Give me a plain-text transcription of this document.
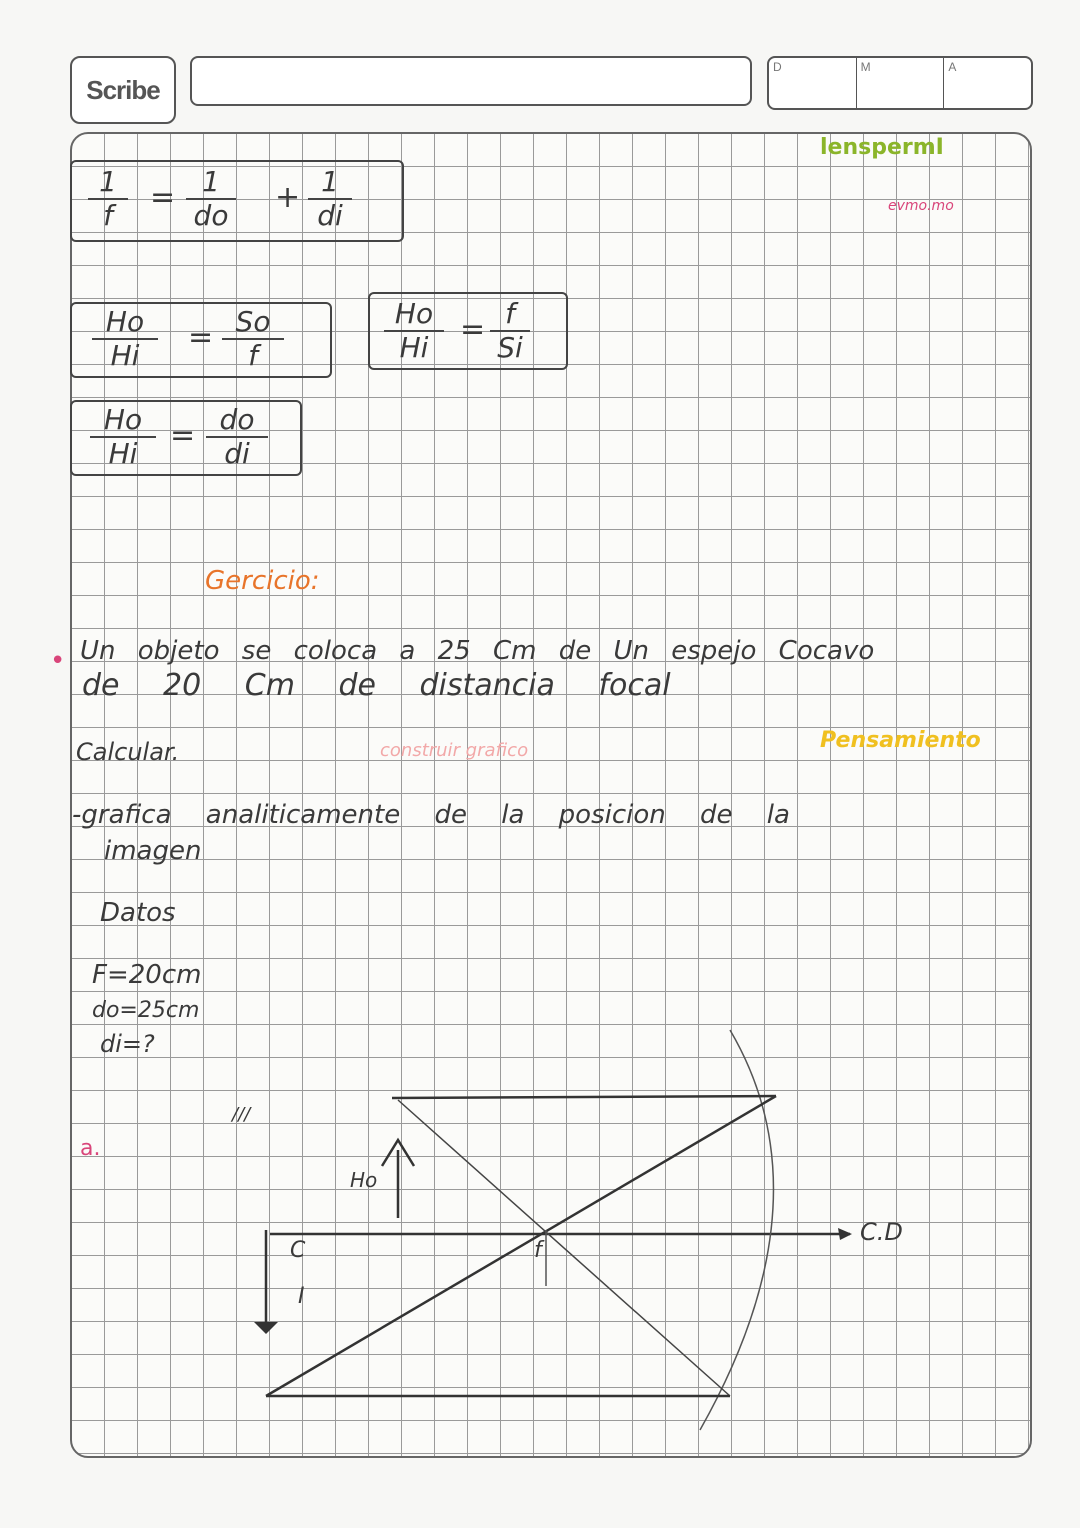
Scribe
D	M	A
lenspermI
evmo.mo
$\frac{1}{f} = \frac{1}{do} + \frac{1}{di}$
$\frac{Ho}{Hi} = \frac{So}{f}$	$\frac{Ho}{Hi} = \frac{f}{Si}$
$\frac{Ho}{Hi} = \frac{do}{di}$
Gercicio:
• Un objeto se coloca a 25 Cm de Un espejo Cocavo
de 20 Cm de distancia focal
Calcular.	construir grafico	Pensamiento
-grafica analiticamente de la posicion de la
imagen
Datos
F=20cm
do=25cm
di=?
a.
///
Ho
C
I
f
C.D
